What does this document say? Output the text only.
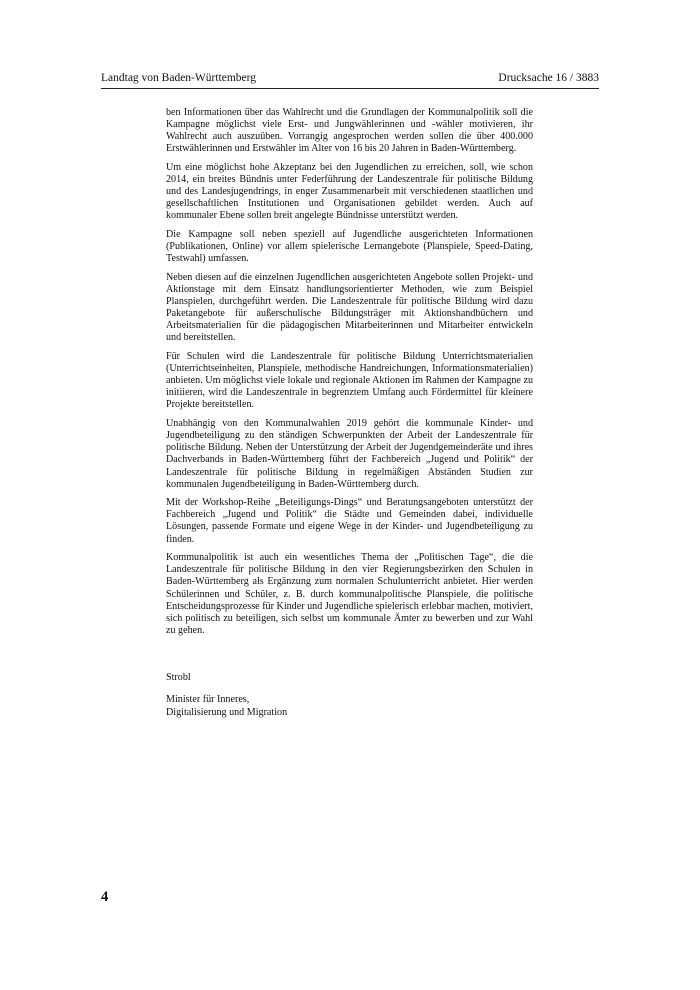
Landtag von Baden-Württemberg	Drucksache 16 / 3883

ben Informationen über das Wahlrecht und die Grundlagen der Kommunalpolitik soll die Kampagne möglichst viele Erst- und Jungwählerinnen und -wähler motivieren, ihr Wahlrecht auch auszuüben. Vorrangig angesprochen werden sollen die über 400.000 Erstwählerinnen und Erstwähler im Alter von 16 bis 20 Jahren in Baden-Württemberg.

Um eine möglichst hohe Akzeptanz bei den Jugendlichen zu erreichen, soll, wie schon 2014, ein breites Bündnis unter Federführung der Landeszentrale für politische Bildung und des Landesjugendrings, in enger Zusammenarbeit mit verschiedenen staatlichen und gesellschaftlichen Institutionen und Organisationen gebildet werden. Auch auf kommunaler Ebene sollen breit angelegte Bündnisse unterstützt werden.

Die Kampagne soll neben speziell auf Jugendliche ausgerichteten Informationen (Publikationen, Online) vor allem spielerische Lernangebote (Planspiele, Speed-Dating, Testwahl) umfassen.

Neben diesen auf die einzelnen Jugendlichen ausgerichteten Angebote sollen Projekt- und Aktionstage mit dem Einsatz handlungsorientierter Methoden, wie zum Beispiel Planspielen, durchgeführt werden. Die Landeszentrale für politische Bildung wird dazu Paketangebote für außerschulische Bildungsträger mit Aktionshandbüchern und Arbeitsmaterialien für die pädagogischen Mitarbeiterinnen und Mitarbeiter entwickeln und bereitstellen.

Für Schulen wird die Landeszentrale für politische Bildung Unterrichtsmaterialien (Unterrichtseinheiten, Planspiele, methodische Handreichungen, Informationsmaterialien) anbieten. Um möglichst viele lokale und regionale Aktionen im Rahmen der Kampagne zu initiieren, wird die Landeszentrale in begrenztem Umfang auch Fördermittel für kleinere Projekte bereitstellen.

Unabhängig von den Kommunalwahlen 2019 gehört die kommunale Kinder- und Jugendbeteiligung zu den ständigen Schwerpunkten der Arbeit der Landeszentrale für politische Bildung. Neben der Unterstützung der Arbeit der Jugendgemeinderäte und ihres Dachverbands in Baden-Württemberg führt der Fachbereich „Jugend und Politik“ der Landeszentrale für politische Bildung in regelmäßigen Abständen Studien zur kommunalen Jugendbeteiligung in Baden-Württemberg durch.

Mit der Workshop-Reihe „Beteiligungs-Dings“ und Beratungsangeboten unterstützt der Fachbereich „Jugend und Politik“ die Städte und Gemeinden dabei, individuelle Lösungen, passende Formate und eigene Wege in der Kinder- und Jugendbeteiligung zu finden.

Kommunalpolitik ist auch ein wesentliches Thema der „Politischen Tage“, die die Landeszentrale für politische Bildung in den vier Regierungsbezirken den Schulen in Baden-Württemberg als Ergänzung zum normalen Schulunterricht anbietet. Hier werden Schülerinnen und Schüler, z. B. durch kommunalpolitische Planspiele, die politische Entscheidungsprozesse für Kinder und Jugendliche spielerisch erlebbar machen, motiviert, sich politisch zu beteiligen, sich selbst um kommunale Ämter zu bewerben und zur Wahl zu gehen.

Strobl
Minister für Inneres,
Digitalisierung und Migration
4
